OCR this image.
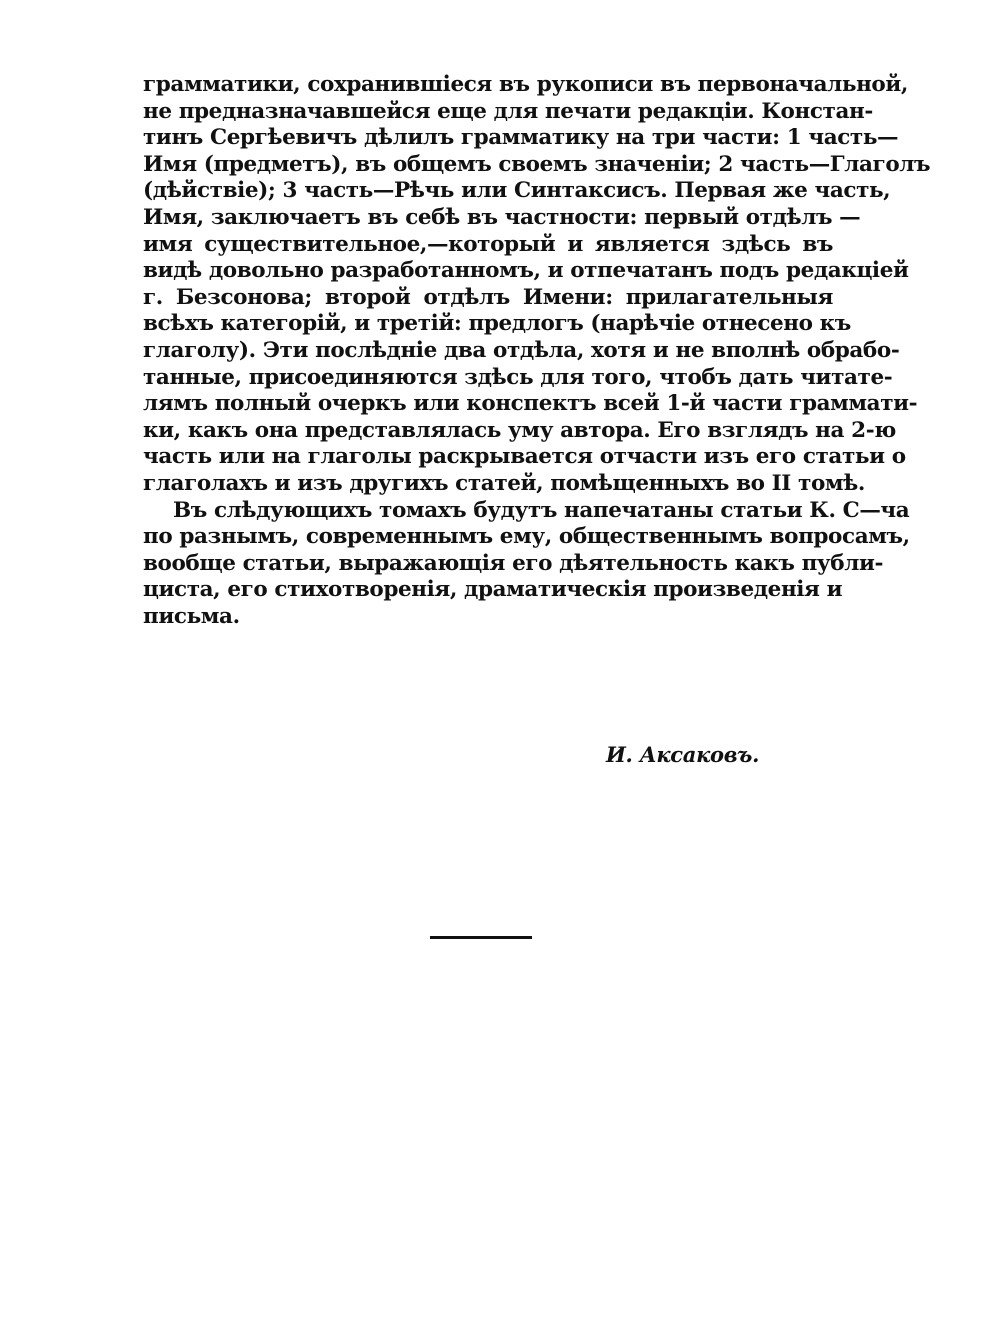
грамматики, сохранившіеся въ рукописи въ первоначальной,
не предназначавшейся еще для печати редакціи. Констан-
тинъ Сергѣевичъ дѣлилъ грамматику на три части: 1 часть—
Имя (предметъ), въ общемъ своемъ значеніи; 2 часть—Глаголъ
(дѣйствіе); 3 часть—Рѣчь или Синтаксисъ. Первая же часть,
Имя, заключаетъ въ себѣ въ частности: первый отдѣлъ —
имя существительное,—который и является здѣсь въ
видѣ довольно разработанномъ, и отпечатанъ подъ редакціей
г. Безсонова; второй отдѣлъ Имени: прилагательныя
всѣхъ категорій, и третій: предлогъ (нарѣчіе отнесено къ
глаголу). Эти послѣдніе два отдѣла, хотя и не вполнѣ обрабо-
танные, присоединяются здѣсь для того, чтобъ дать читате-
лямъ полный очеркъ или конспектъ всей 1-й части граммати-
ки, какъ она представлялась уму автора. Его взглядъ на 2-ю
часть или на глаголы раскрывается отчасти изъ его статьи о
глаголахъ и изъ другихъ статей, помѣщенныхъ во II томѣ.

Въ слѣдующихъ томахъ будутъ напечатаны статьи К. С—ча
по разнымъ, современнымъ ему, общественнымъ вопросамъ,
вообще статьи, выражающія его дѣятельность какъ публи-
циста, его стихотворенія, драматическія произведенія и
письма.

И. Аксаковъ.
